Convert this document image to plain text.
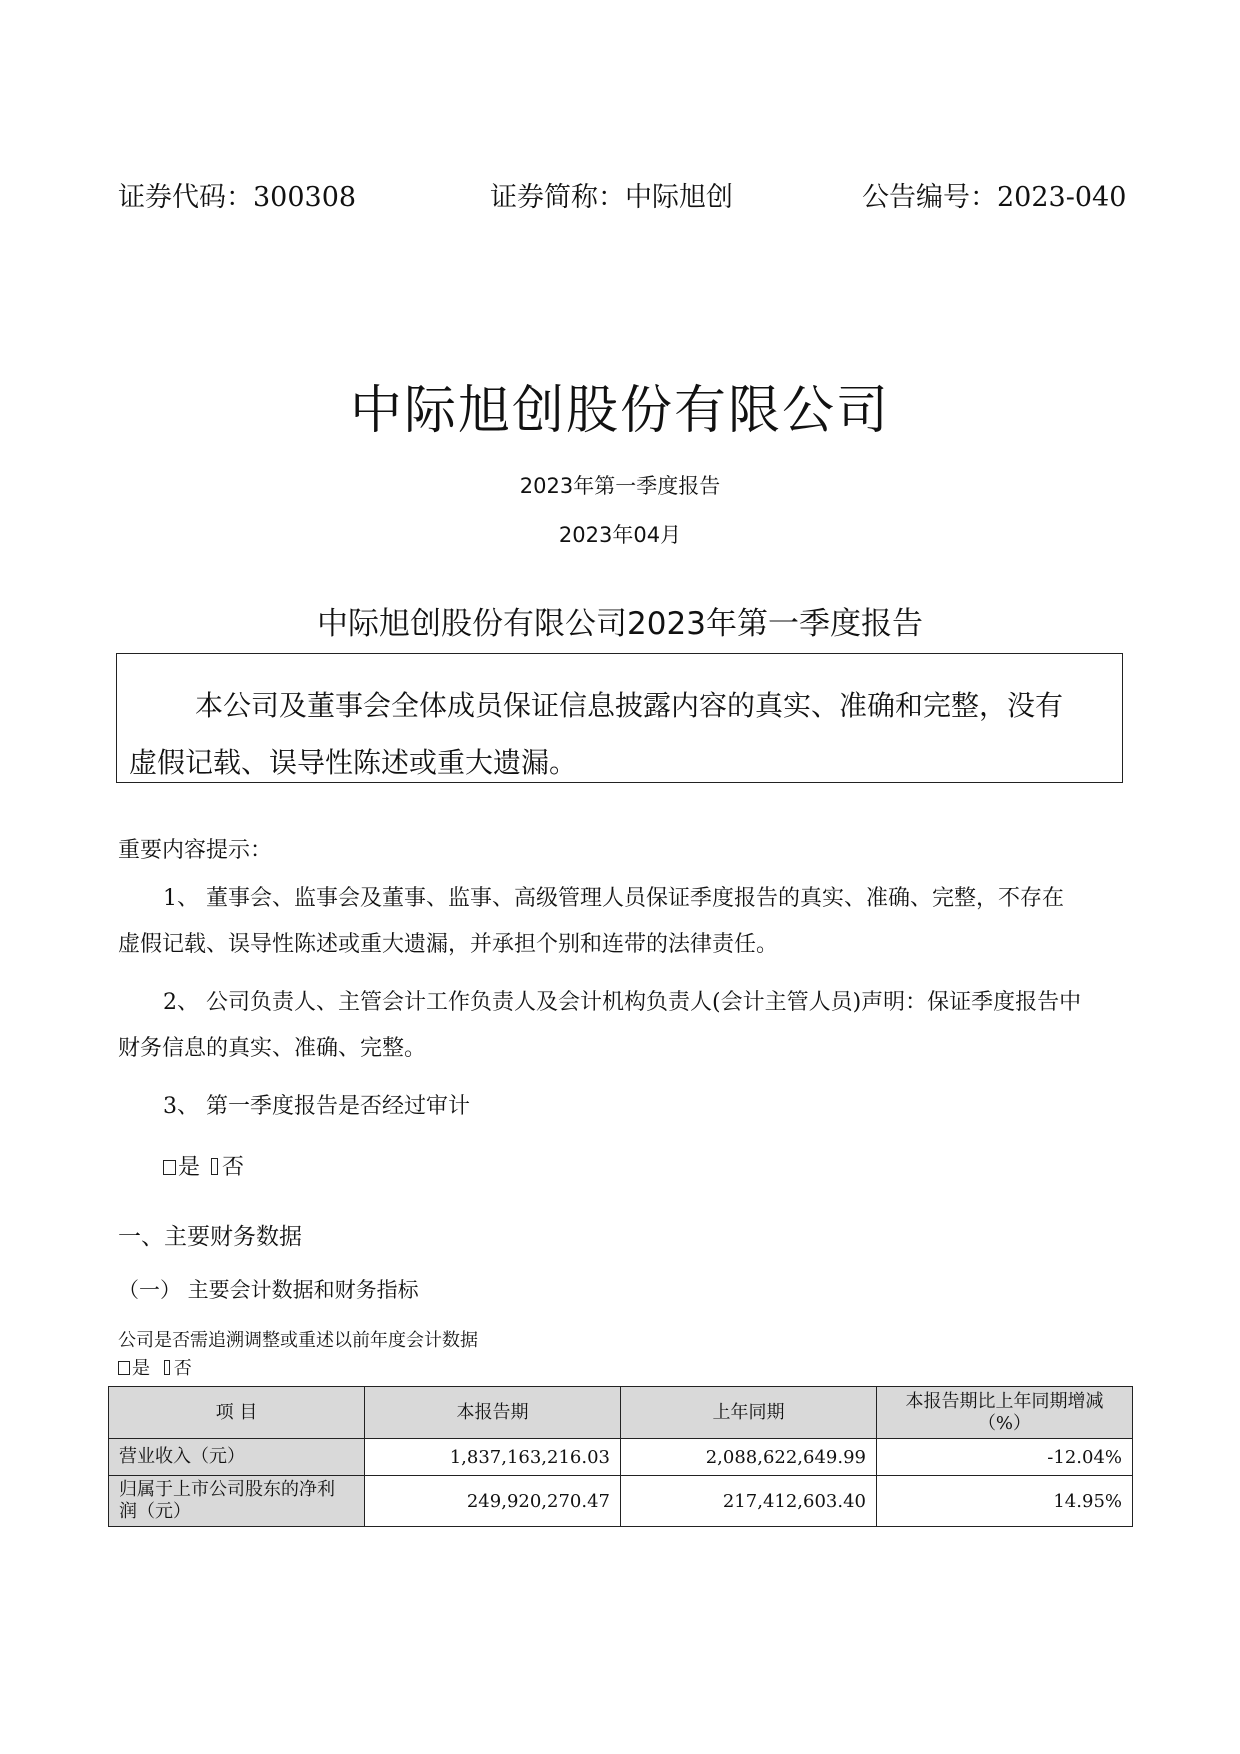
证券代码：300308	证券简称：中际旭创	公告编号：2023-040
中际旭创股份有限公司
2023年第一季度报告
2023年04月
中际旭创股份有限公司2023年第一季度报告
本公司及董事会全体成员保证信息披露内容的真实、准确和完整，没有
虚假记载、误导性陈述或重大遗漏。
重要内容提示：
1、 董事会、监事会及董事、监事、高级管理人员保证季度报告的真实、准确、完整，不存在
虚假记载、误导性陈述或重大遗漏，并承担个别和连带的法律责任。
2、 公司负责人、主管会计工作负责人及会计机构负责人(会计主管人员)声明：保证季度报告中
财务信息的真实、准确、完整。
3、 第一季度报告是否经过审计
是 否
一、主要财务数据
（一） 主要会计数据和财务指标
公司是否需追溯调整或重述以前年度会计数据
是 否
项 目	本报告期	上年同期	本报告期比上年同期增减
（%）

营业收入（元）	1,837,163,216.03	2,088,622,649.99	-12.04%

归属于上市公司股东的净利
润（元）	249,920,270.47	217,412,603.40	14.95%
